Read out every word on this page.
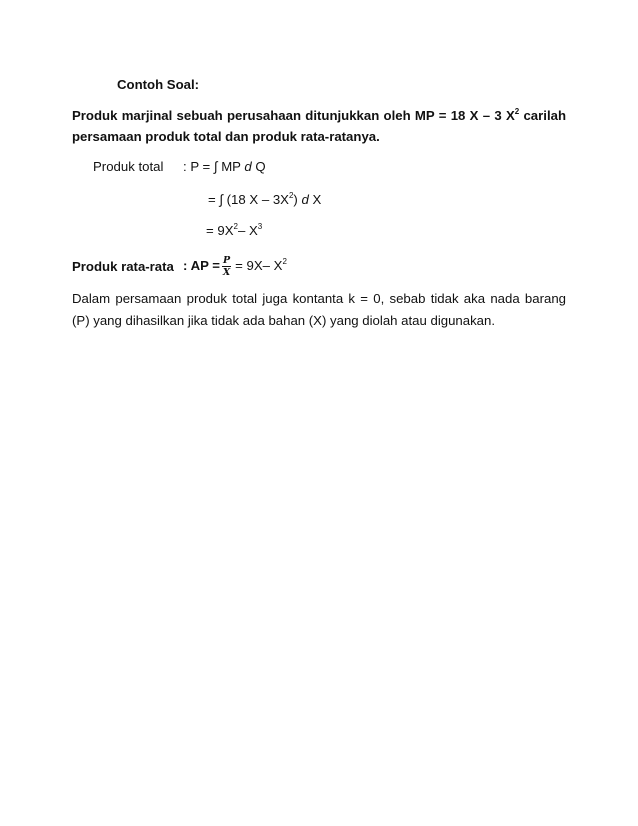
Contoh Soal:
Produk marjinal sebuah perusahaan ditunjukkan oleh MP = 18 X – 3 $X^2$ carilah
persamaan produk total dan produk rata-ratanya.
Produk total : P = ∫ MP d Q
= ∫ (18 X – $3X^2$) d X
= $9X^2-$ $X^3$
Produk rata-rata : AP = $\frac{P}{X} = 9X-$ $X^2$
Dalam persamaan produk total juga kontanta k = 0, sebab tidak aka nada barang
(P) yang dihasilkan jika tidak ada bahan (X) yang diolah atau digunakan.
